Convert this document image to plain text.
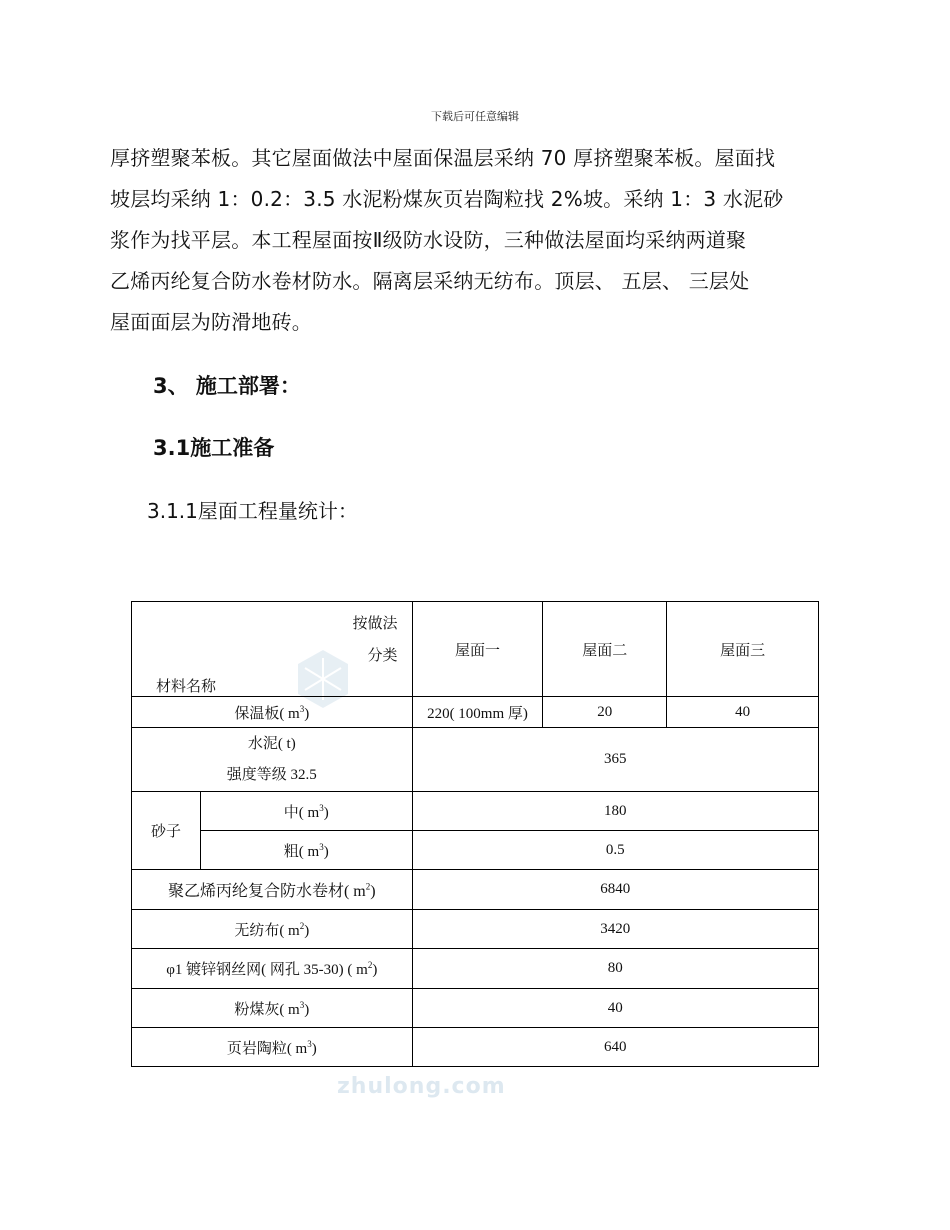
下载后可任意编辑
厚挤塑聚苯板。其它屋面做法中屋面保温层采纳 70 厚挤塑聚苯板。屋面找
坡层均采纳 1：0.2：3.5 水泥粉煤灰页岩陶粒找 2%坡。采纳 1：3 水泥砂
浆作为找平层。本工程屋面按Ⅱ级防水设防，三种做法屋面均采纳两道聚
乙烯丙纶复合防水卷材防水。隔离层采纳无纺布。顶层、 五层、 三层处
屋面面层为防滑地砖。
3、 施工部署：
3.1施工准备
3.1.1屋面工程量统计：
按做法
分类
材料名称		屋面一	屋面二	屋面三
保温板( $m^3$)		220( 100mm 厚)	20	40

水泥( t)
强度等级 32.5		365		
砂子	中( $m^3$)	180		
	粗( $m^3$)	0.5		
聚乙烯丙纶复合防水卷材( $m^2$)		6840		
无纺布( $m^2$)		3420		
φ1 镀锌钢丝网( 网孔 35-30) ( $m^2$)		80		
粉煤灰( $m^3$)		40		
页岩陶粒( $m^3$)		640		
zhulong.com
